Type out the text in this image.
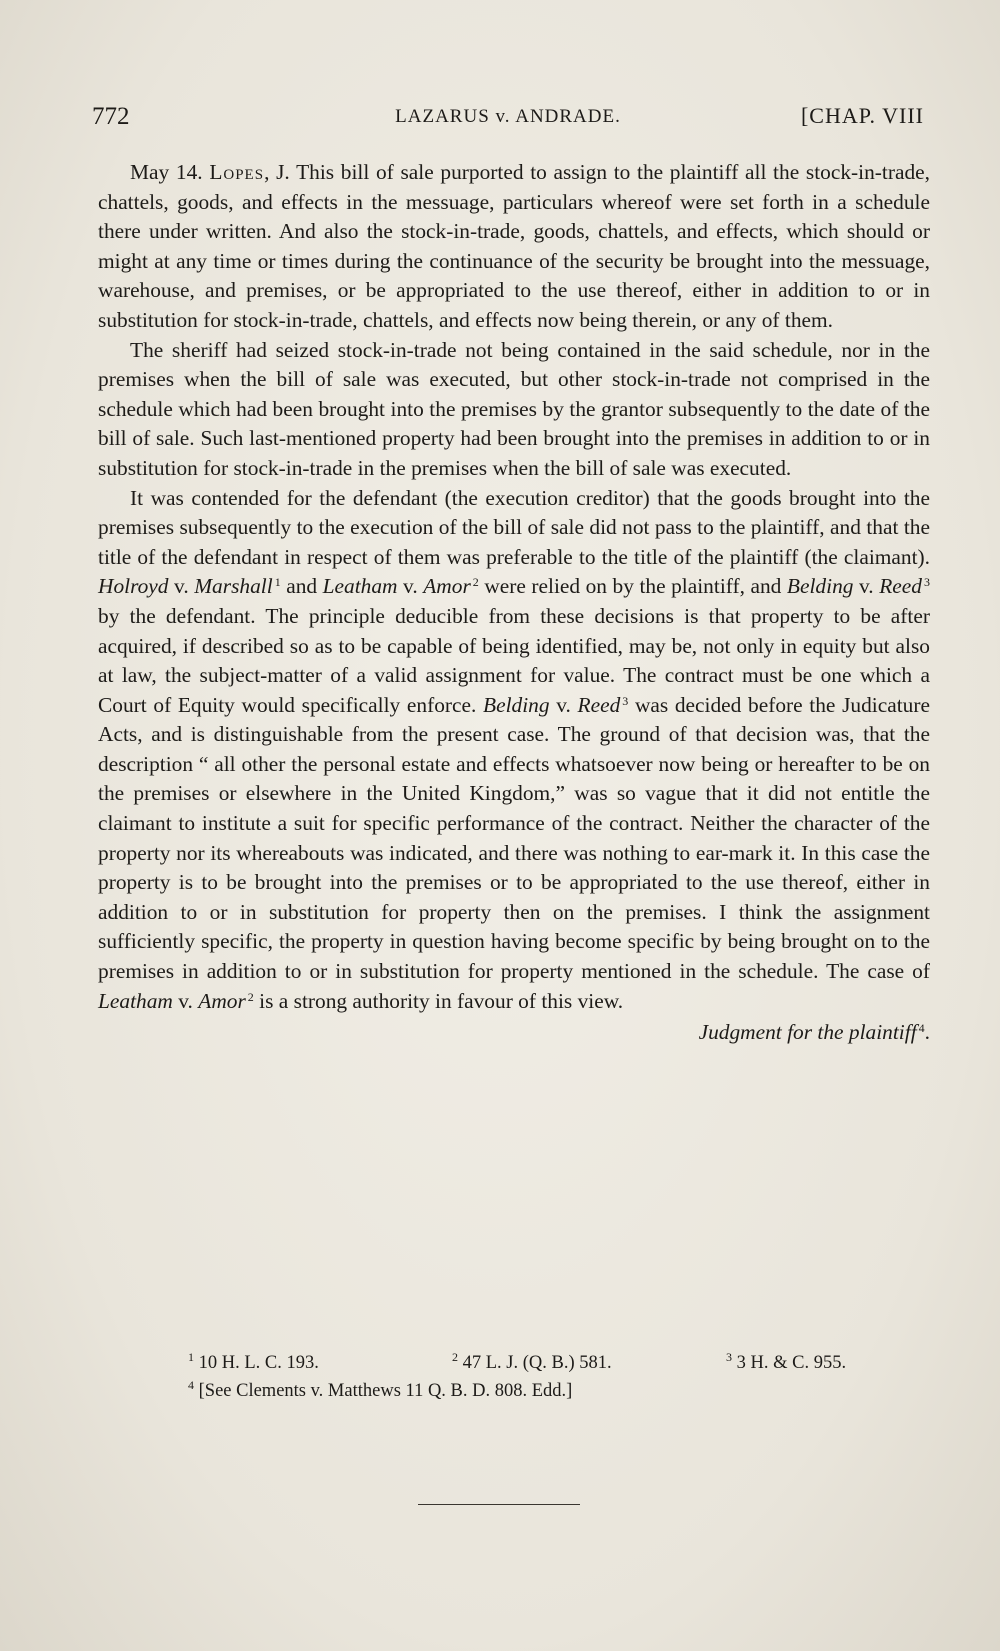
772	LAZARUS v. ANDRADE.	[CHAP. VIII

May 14. Lopes, J. This bill of sale purported to assign to the plaintiff all the stock-in-trade, chattels, goods, and effects in the messuage, particulars whereof were set forth in a schedule there under written. And also the stock-in-trade, goods, chattels, and effects, which should or might at any time or times during the continuance of the security be brought into the messuage, warehouse, and premises, or be appropriated to the use thereof, either in addition to or in substitution for stock-in-trade, chattels, and effects now being therein, or any of them.

The sheriff had seized stock-in-trade not being contained in the said schedule, nor in the premises when the bill of sale was executed, but other stock-in-trade not comprised in the schedule which had been brought into the premises by the grantor subsequently to the date of the bill of sale. Such last-mentioned property had been brought into the premises in addition to or in substitution for stock-in-trade in the premises when the bill of sale was executed.

It was contended for the defendant (the execution creditor) that the goods brought into the premises subsequently to the execution of the bill of sale did not pass to the plaintiff, and that the title of the defendant in respect of them was preferable to the title of the plaintiff (the claimant). Holroyd v. Marshall $^1$ and Leatham v. Amor $^2$ were relied on by the plaintiff, and Belding v. Reed $^3$ by the defendant. The principle deducible from these decisions is that property to be after acquired, if described so as to be capable of being identified, may be, not only in equity but also at law, the subject-matter of a valid assignment for value. The contract must be one which a Court of Equity would specifically enforce. Belding v. Reed $^3$ was decided before the Judicature Acts, and is distinguishable from the present case. The ground of that decision was, that the description “ all other the personal estate and effects whatsoever now being or hereafter to be on the premises or elsewhere in the United Kingdom,” was so vague that it did not entitle the claimant to institute a suit for specific performance of the contract. Neither the character of the property nor its whereabouts was indicated, and there was nothing to ear-mark it. In this case the property is to be brought into the premises or to be appropriated to the use thereof, either in addition to or in substitution for property then on the premises. I think the assignment sufficiently specific, the property in question having become specific by being brought on to the premises in addition to or in substitution for property mentioned in the schedule. The case of Leatham v. Amor $^2$ is a strong authority in favour of this view.

Judgment for the plaintiff $^4$.
$^1$ 10 H. L. C. 193.	$^2$ 47 L. J. (Q. B.) 581.	$^3$ 3 H. & C. 955.
$^4$ [See Clements v. Matthews 11 Q. B. D. 808. Edd.]
